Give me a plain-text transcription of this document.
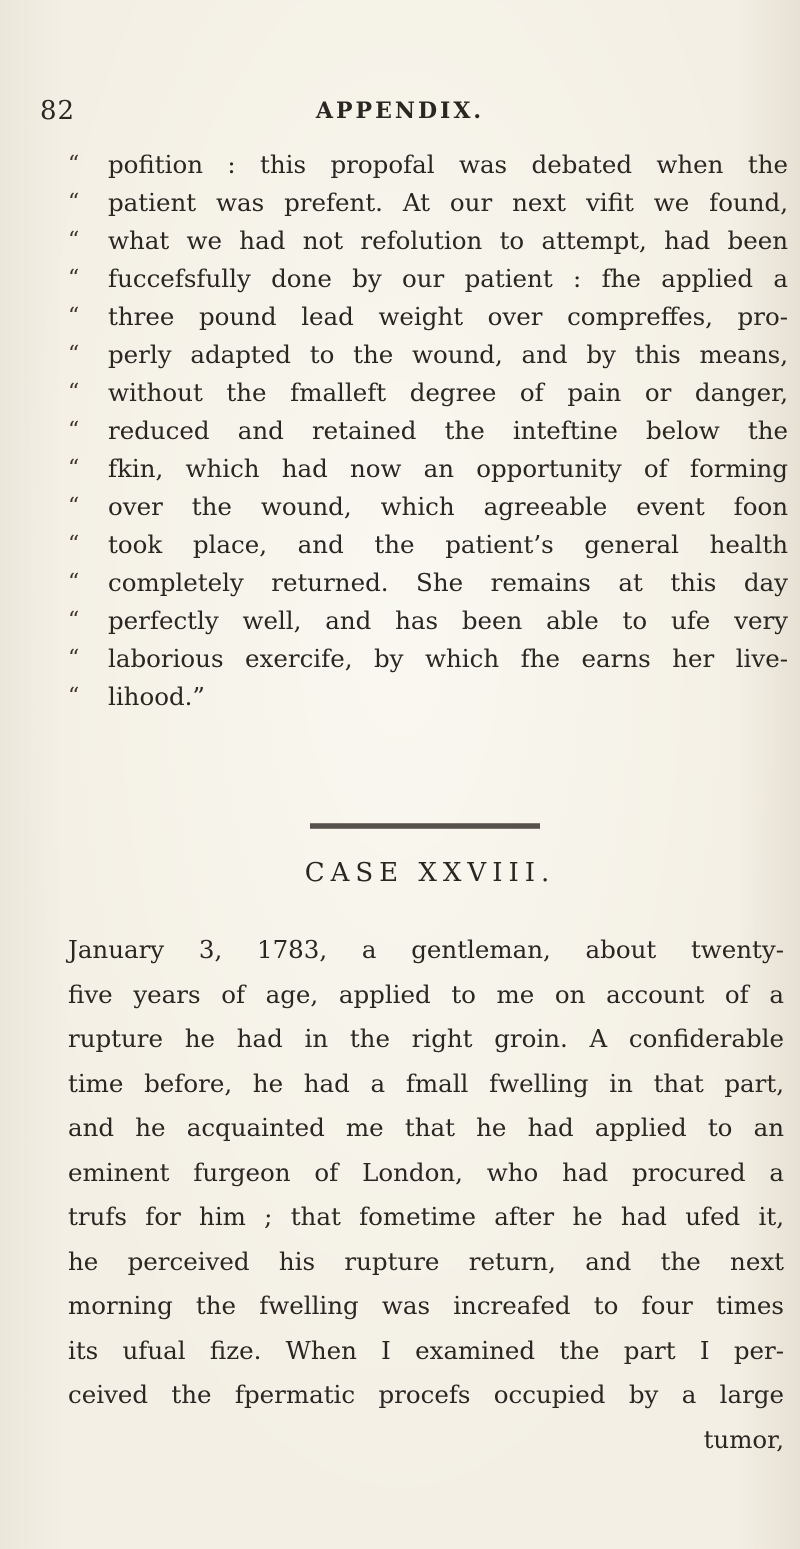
82	APPENDIX.
“	pofition : this propofal was debated when the
“	patient was prefent. At our next vifit we found,
“	what we had not refolution to attempt, had been
“	fuccefsfully done by our patient : fhe applied a
“	three pound lead weight over compreffes, pro-
“	perly adapted to the wound, and by this means,
“	without the fmalleft degree of pain or danger,
“	reduced and retained the inteftine below the
“	fkin, which had now an opportunity of forming
“	over the wound, which agreeable event foon
“	took place, and the patient’s general health
“	completely returned. She remains at this day
“	perfectly well, and has been able to ufe very
“	laborious exercife, by which fhe earns her live-
“	lihood.”
CASE XXVIII.
January 3, 1783, a gentleman, about twenty-
five years of age, applied to me on account of a
rupture he had in the right groin. A confiderable
time before, he had a fmall fwelling in that part,
and he acquainted me that he had applied to an
eminent furgeon of London, who had procured a
trufs for him ; that fometime after he had ufed it,
he perceived his rupture return, and the next
morning the fwelling was increafed to four times
its ufual fize. When I examined the part I per-
ceived the fpermatic procefs occupied by a large
tumor,
